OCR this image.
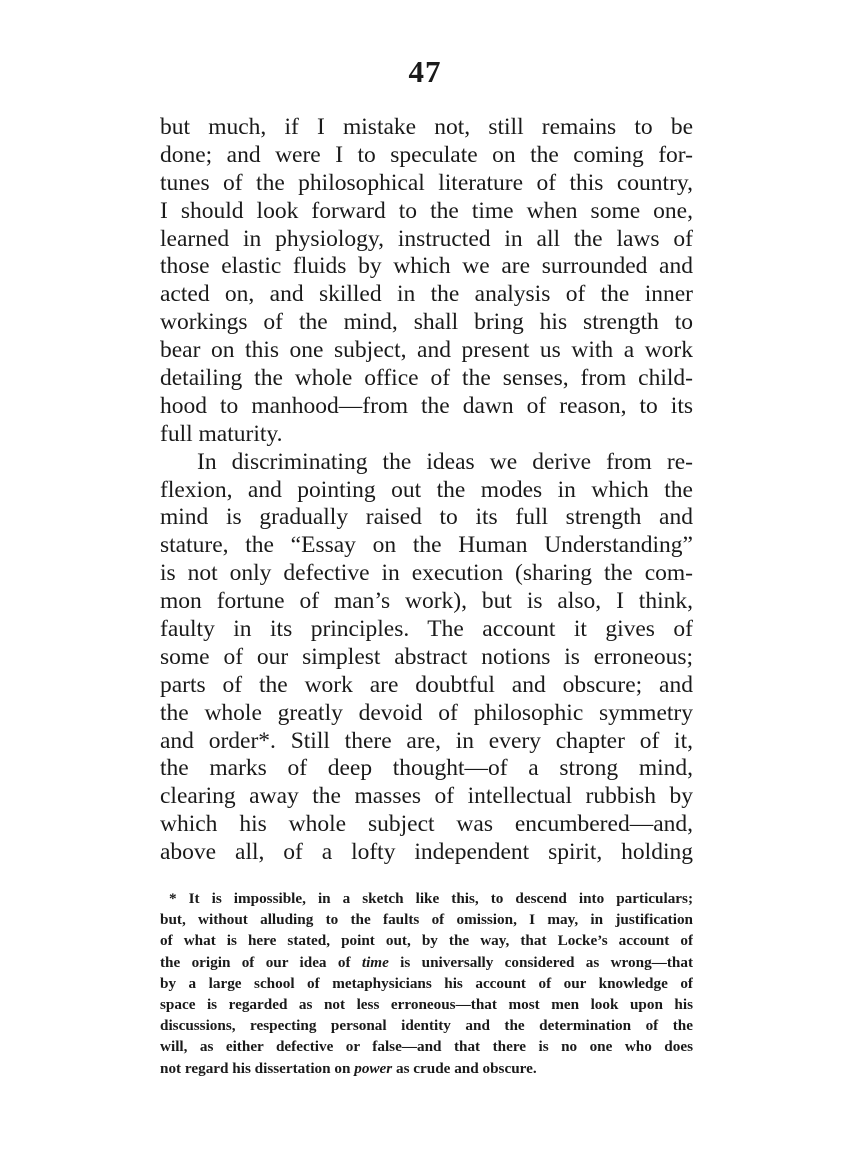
47
but much, if I mistake not, still remains to be
done; and were I to speculate on the coming for-
tunes of the philosophical literature of this country,
I should look forward to the time when some one,
learned in physiology, instructed in all the laws of
those elastic fluids by which we are surrounded and
acted on, and skilled in the analysis of the inner
workings of the mind, shall bring his strength to
bear on this one subject, and present us with a work
detailing the whole office of the senses, from child-
hood to manhood—from the dawn of reason, to its
full maturity.
In discriminating the ideas we derive from re-
flexion, and pointing out the modes in which the
mind is gradually raised to its full strength and
stature, the “Essay on the Human Understanding”
is not only defective in execution (sharing the com-
mon fortune of man’s work), but is also, I think,
faulty in its principles. The account it gives of
some of our simplest abstract notions is erroneous;
parts of the work are doubtful and obscure; and
the whole greatly devoid of philosophic symmetry
and order*. Still there are, in every chapter of it,
the marks of deep thought—of a strong mind,
clearing away the masses of intellectual rubbish by
which his whole subject was encumbered—and,
above all, of a lofty independent spirit, holding
* It is impossible, in a sketch like this, to descend into particulars;
but, without alluding to the faults of omission, I may, in justification
of what is here stated, point out, by the way, that Locke’s account of
the origin of our idea of time is universally considered as wrong—that
by a large school of metaphysicians his account of our knowledge of
space is regarded as not less erroneous—that most men look upon his
discussions, respecting personal identity and the determination of the
will, as either defective or false—and that there is no one who does
not regard his dissertation on power as crude and obscure.
